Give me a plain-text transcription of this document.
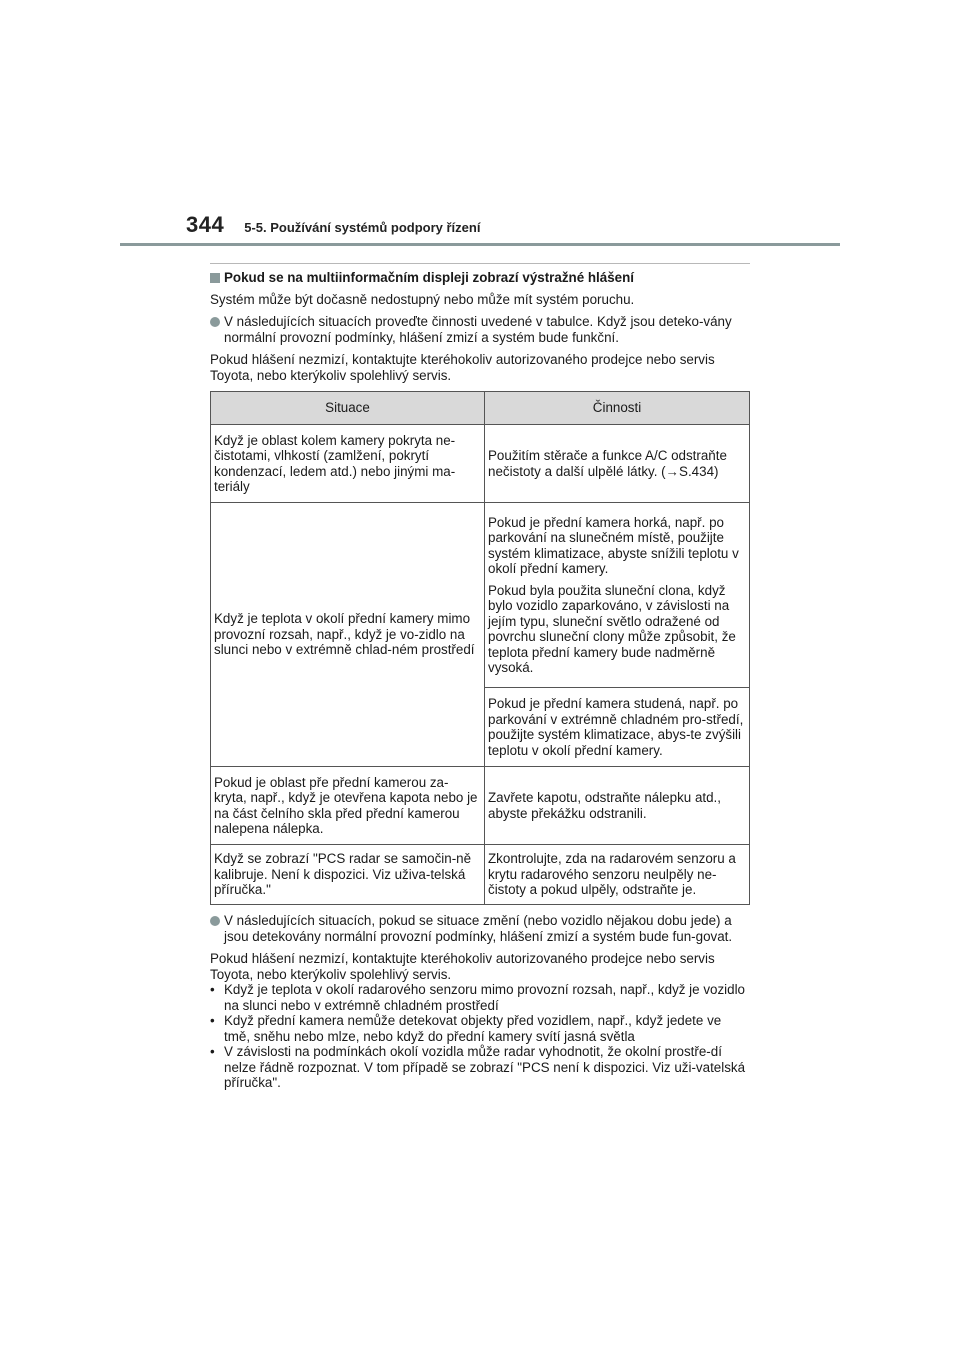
344 5-5. Používání systémů podpory řízení
Pokud se na multiinformačním displeji zobrazí výstražné hlášení

Systém může být dočasně nedostupný nebo může mít systém poruchu.

V následujících situacích proveďte činnosti uvedené v tabulce. Když jsou deteko-vány normální provozní podmínky, hlášení zmizí a systém bude funkční.

Pokud hlášení nezmizí, kontaktujte kteréhokoliv autorizovaného prodejce nebo servis Toyota, nebo kterýkoliv spolehlivý servis.

Situace	Činnosti
Když je oblast kolem kamery pokryta ne-čistotami, vlhkostí (zamlžení, pokrytí kondenzací, ledem atd.) nebo jinými ma-teriály	Použitím stěrače a funkce A/C odstraňte nečistoty a další ulpělé látky. (→S.434)
Když je teplota v okolí přední kamery mimo provozní rozsah, např., když je vo-zidlo na slunci nebo v extrémně chlad-ném prostředí	Pokud je přední kamera horká, např. po parkování na slunečném místě, použijte systém klimatizace, abyste snížili teplotu v okolí přední kamery.
Pokud byla použita sluneční clona, když bylo vozidlo zaparkováno, v závislosti na jejím typu, sluneční světlo odražené od povrchu sluneční clony může způsobit, že teplota přední kamery bude nadměrně vysoká.

	Pokud je přední kamera studená, např. po parkování v extrémně chladném pro-středí, použijte systém klimatizace, abys-te zvýšili teplotu v okolí přední kamery.
Pokud je oblast pře přední kamerou za-kryta, např., když je otevřena kapota nebo je na část čelního skla před přední kamerou nalepena nálepka.	Zavřete kapotu, odstraňte nálepku atd., abyste překážku odstranili.
Když se zobrazí "PCS radar se samočin-ně kalibruje. Není k dispozici. Viz uživa-telská příručka."	Zkontrolujte, zda na radarovém senzoru a krytu radarového senzoru neulpěly ne-čistoty a pokud ulpěly, odstraňte je.
V následujících situacích, pokud se situace změní (nebo vozidlo nějakou dobu jede) a jsou detekovány normální provozní podmínky, hlášení zmizí a systém bude fun-govat.

Pokud hlášení nezmizí, kontaktujte kteréhokoliv autorizovaného prodejce nebo servis Toyota, nebo kterýkoliv spolehlivý servis.

• Když je teplota v okolí radarového senzoru mimo provozní rozsah, např., když je vozidlo na slunci nebo v extrémně chladném prostředí
• Když přední kamera nemůže detekovat objekty před vozidlem, např., když jedete ve tmě, sněhu nebo mlze, nebo když do přední kamery svítí jasná světla
• V závislosti na podmínkách okolí vozidla může radar vyhodnotit, že okolní prostře-dí nelze řádně rozpoznat. V tom případě se zobrazí "PCS není k dispozici. Viz uži-vatelská příručka".
